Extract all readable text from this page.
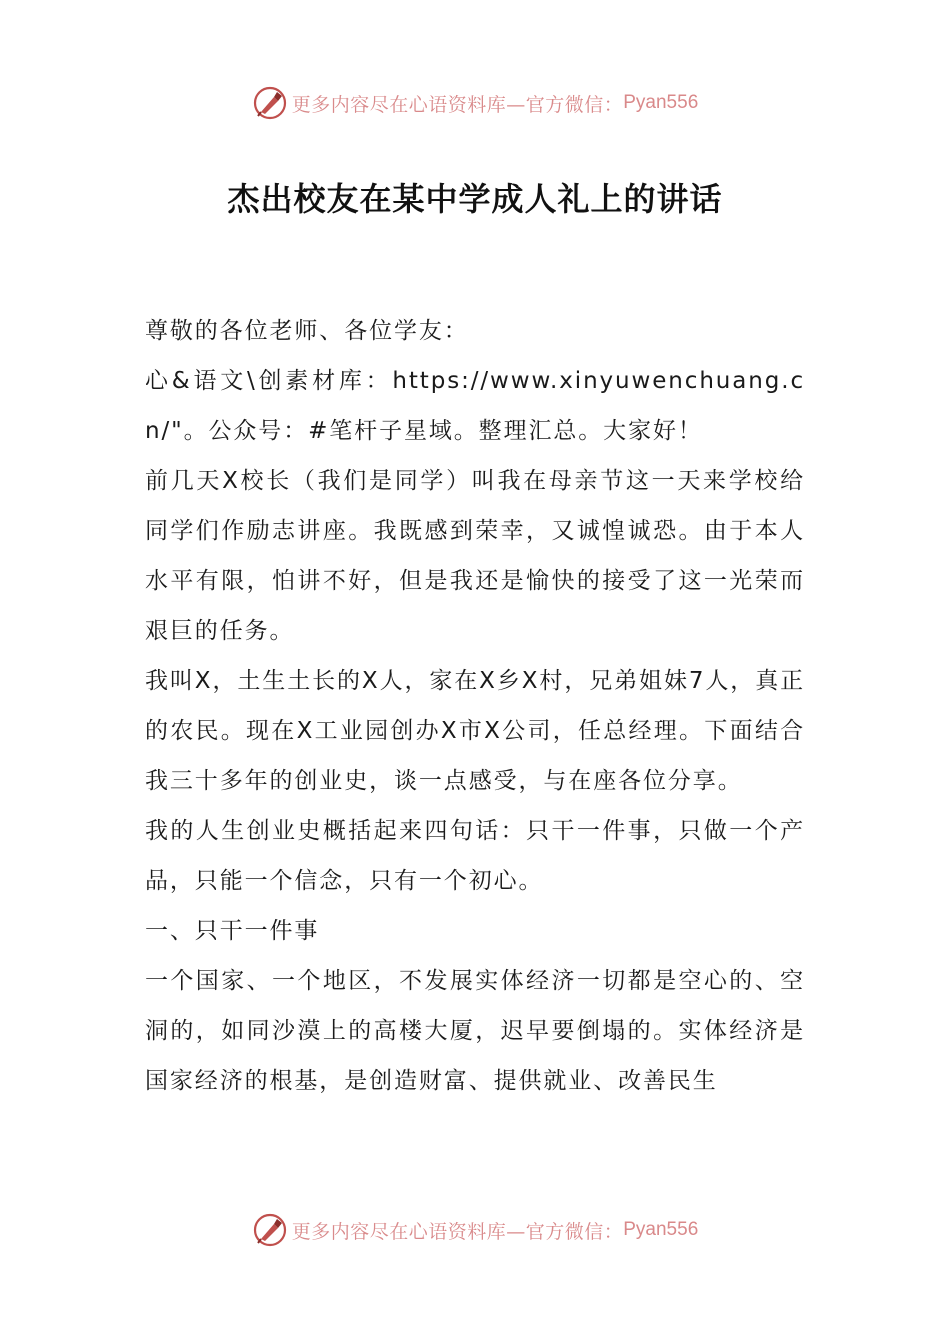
更多内容尽在心语资料库—官方微信： Pyan556
杰出校友在某中学成人礼上的讲话

尊敬的各位老师、各位学友：

心&语文\创素材库：https://www.xinyuwenchuang.cn/"。公众号：#笔杆子星域。整理汇总。大家好！

前几天X校长（我们是同学）叫我在母亲节这一天来学校给同学们作励志讲座。我既感到荣幸，又诚惶诚恐。由于本人水平有限，怕讲不好，但是我还是愉快的接受了这一光荣而艰巨的任务。

我叫X，土生土长的X人，家在X乡X村，兄弟姐妹7人，真正的农民。现在X工业园创办X市X公司，任总经理。下面结合我三十多年的创业史，谈一点感受，与在座各位分享。

我的人生创业史概括起来四句话：只干一件事，只做一个产品，只能一个信念，只有一个初心。

一、只干一件事

一个国家、一个地区，不发展实体经济一切都是空心的、空洞的，如同沙漠上的高楼大厦，迟早要倒塌的。实体经济是国家经济的根基，是创造财富、提供就业、改善民生

更多内容尽在心语资料库—官方微信： Pyan556
